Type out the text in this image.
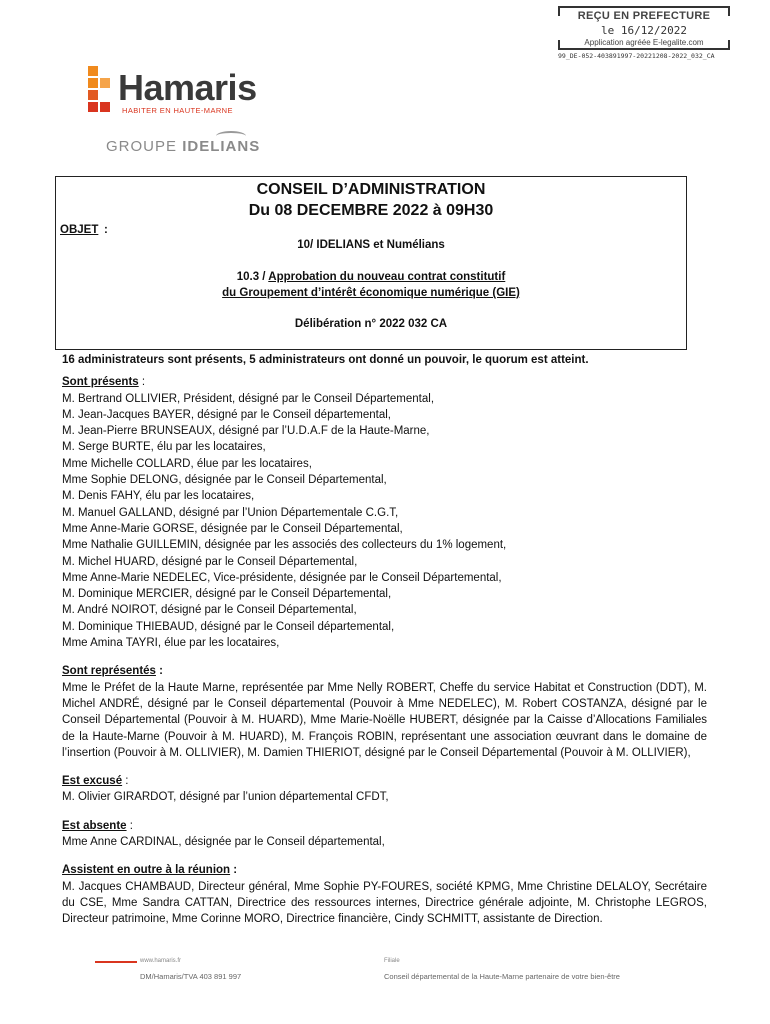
REÇU EN PREFECTURE
le 16/12/2022
Application agréée E-legalite.com
99_DE-052-403891997-20221208-2022_032_CA
Hamaris
HABITER EN HAUTE-MARNE
GROUPE IDELIANS
CONSEIL D’ADMINISTRATION
Du 08 DECEMBRE 2022 à 09H30
OBJET :
10/ IDELIANS et Numélians
10.3 / Approbation du nouveau contrat constitutif
du Groupement d’intérêt économique numérique (GIE)
Délibération n° 2022 032 CA
16 administrateurs sont présents, 5 administrateurs ont donné un pouvoir, le quorum est atteint.
Sont présents :
M. Bertrand OLLIVIER, Président, désigné par le Conseil Départemental,
M. Jean-Jacques BAYER, désigné par le Conseil départemental,
M. Jean-Pierre BRUNSEAUX, désigné par l’U.D.A.F de la Haute-Marne,
M. Serge BURTE, élu par les locataires,
Mme Michelle COLLARD, élue par les locataires,
Mme Sophie DELONG, désignée par le Conseil Départemental,
M. Denis FAHY, élu par les locataires,
M. Manuel GALLAND, désigné par l’Union Départementale C.G.T,
Mme Anne-Marie GORSE, désignée par le Conseil Départemental,
Mme Nathalie GUILLEMIN, désignée par les associés des collecteurs du 1% logement,
M. Michel HUARD, désigné par le Conseil Départemental,
Mme Anne-Marie NEDELEC, Vice-présidente, désignée par le Conseil Départemental,
M. Dominique MERCIER, désigné par le Conseil Départemental,
M. André NOIROT, désigné par le Conseil Départemental,
M. Dominique THIEBAUD, désigné par le Conseil départemental,
Mme Amina TAYRI, élue par les locataires,
Sont représentés :
Mme le Préfet de la Haute Marne, représentée par Mme Nelly ROBERT, Cheffe du service Habitat et Construction (DDT), M. Michel ANDRÉ, désigné par le Conseil départemental (Pouvoir à Mme NEDELEC), M. Robert COSTANZA, désigné par le Conseil Départemental (Pouvoir à M. HUARD), Mme Marie-Noëlle HUBERT, désignée par la Caisse d’Allocations Familiales de la Haute-Marne (Pouvoir à M. HUARD), M. François ROBIN, représentant une association œuvrant dans le domaine de l’insertion (Pouvoir à M. OLLIVIER), M. Damien THIERIOT, désigné par le Conseil Départemental (Pouvoir à M. OLLIVIER),
Est excusé :
M. Olivier GIRARDOT, désigné par l’union départemental CFDT,
Est absente :
Mme Anne CARDINAL, désignée par le Conseil départemental,
Assistent en outre à la réunion :
M. Jacques CHAMBAUD, Directeur général, Mme Sophie PY-FOURES, société KPMG, Mme Christine DELALOY, Secrétaire du CSE, Mme Sandra CATTAN, Directrice des ressources internes, Directrice générale adjointe, M. Christophe LEGROS, Directeur patrimoine, Mme Corinne MORO, Directrice financière, Cindy SCHMITT, assistante de Direction.
www.hamaris.fr
DM/Hamaris/TVA 403 891 997
Filiale
Conseil départemental de la Haute-Marne partenaire de votre bien-être
